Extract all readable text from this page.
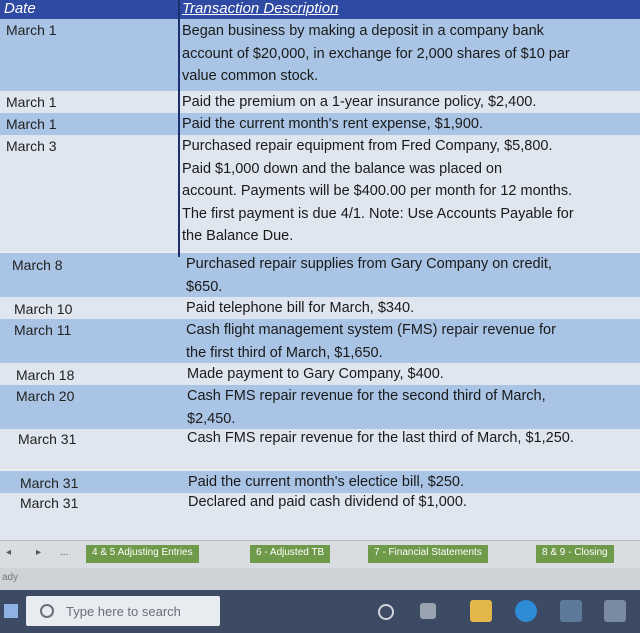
Date	Transaction Description
March 1	Began business by making a deposit in a company bank
account of $20,000, in exchange for 2,000 shares of $10 par
value common stock.
March 1	Paid the premium on a 1-year insurance policy, $2,400.
March 1	Paid the current month's rent expense, $1,900.
March 3	Purchased repair equipment from Fred Company, $5,800.
Paid $1,000 down and the balance was placed on
account. Payments will be $400.00 per month for 12 months.
The first payment is due 4/1. Note: Use Accounts Payable for
the Balance Due.
March 8	Purchased repair supplies from Gary Company on credit,
$650.
March 10	Paid telephone bill for March, $340.
March 11	Cash flight management system (FMS) repair revenue for
the first third of March, $1,650.
March 18	Made payment to Gary Company, $400.
March 20	Cash FMS repair revenue for the second third of March,
$2,450.
March 31	Cash FMS repair revenue for the last third of March, $1,250.
March 31	Paid the current month's electice bill, $250.
March 31	Declared and paid cash dividend of $1,000.
◂ ▸ ...	4 & 5 Adjusting Entries	6 - Adjusted TB	7 - Financial Statements	8 & 9 - Closing
ady
Type here to search
